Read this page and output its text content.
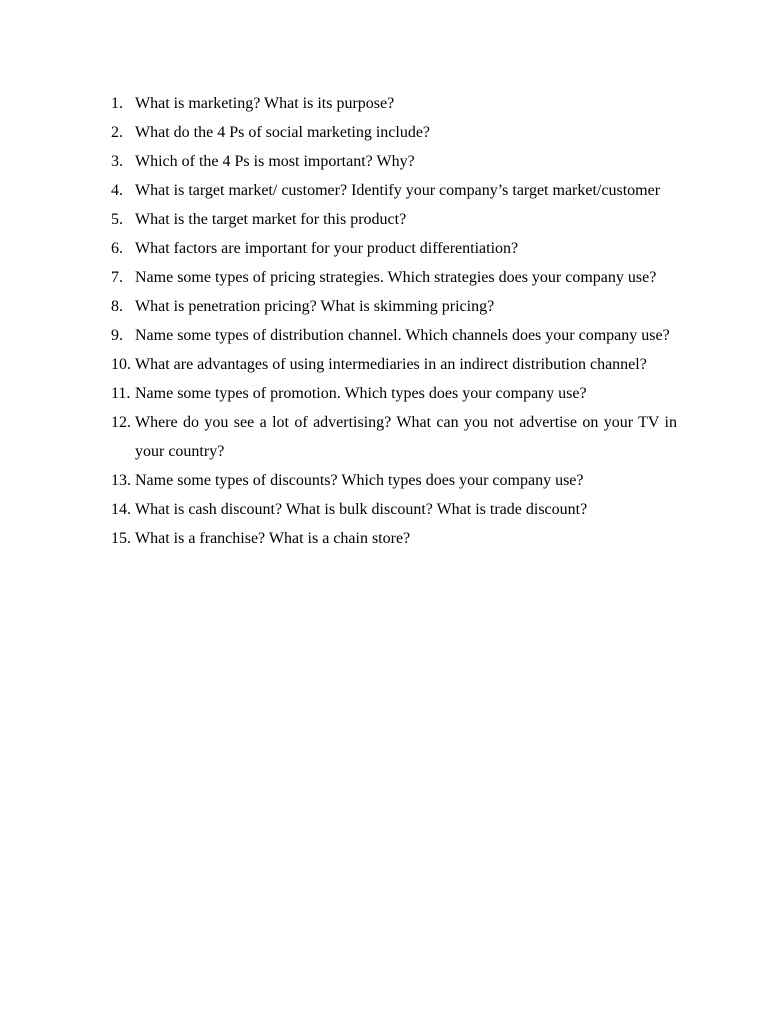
1. What is marketing? What is its purpose?
2. What do the 4 Ps of social marketing include?
3. Which of the 4 Ps is most important? Why?
4. What is target market/ customer? Identify your company’s target market/customer
5. What is the target market for this product?
6. What factors are important for your product differentiation?
7. Name some types of pricing strategies. Which strategies does your company use?
8. What is penetration pricing? What is skimming pricing?
9. Name some types of distribution channel. Which channels does your company use?
10. What are advantages of using intermediaries in an indirect distribution channel?
11. Name some types of promotion. Which types does your company use?
12. Where do you see a lot of advertising? What can you not advertise on your TV in your country?
13. Name some types of discounts? Which types does your company use?
14. What is cash discount? What is bulk discount? What is trade discount?
15. What is a franchise? What is a chain store?
